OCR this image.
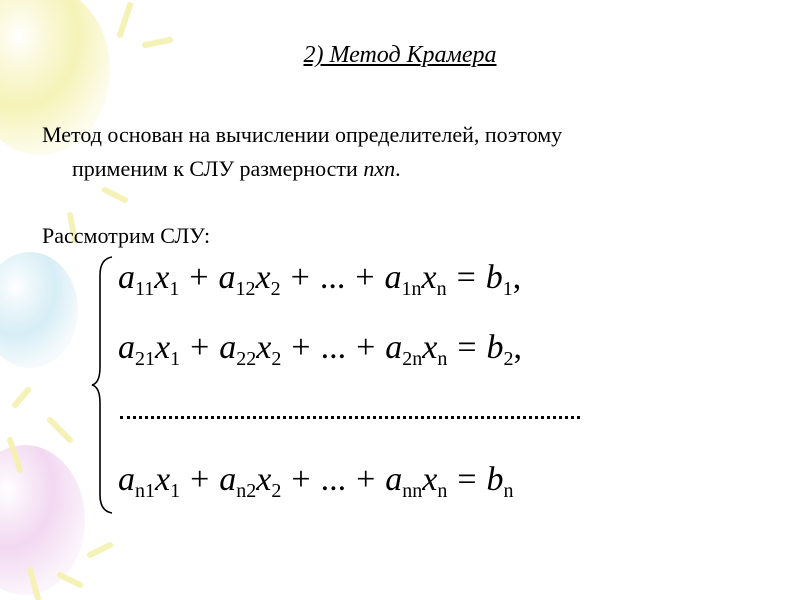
2) Метод Крамера
Метод основан на вычислении определителей, поэтому
применим к СЛУ размерности nxn.
Рассмотрим СЛУ:
$a_{11}x_1 + a_{12}x_2$ + ... + $a_{1n}x_n = b_1$,
$a_{21}x_1 + a_{22}x_2$ + ... + $a_{2n}x_n = b_2$,
$a_{n1}x_1 + a_{n2}x_2$ + ... + $a_{nn}x_n = b_n$
